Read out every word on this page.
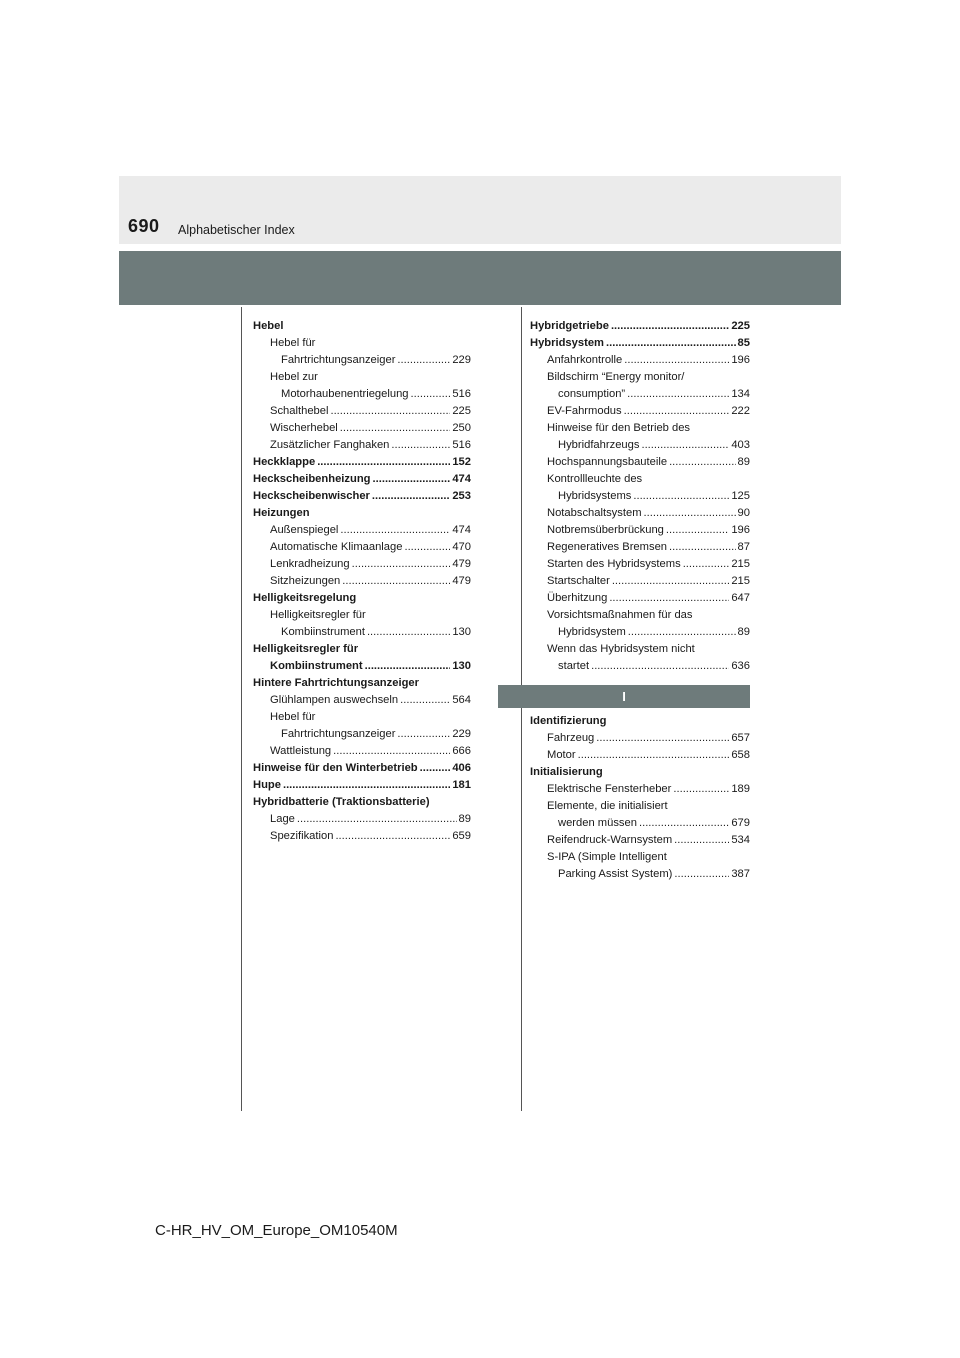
690 Alphabetischer Index
Hebel
Hebel für
Fahrtrichtungsanzeiger .....	229
Hebel zur
Motorhaubenentriegelung .....	516
Schalthebel .....	225
Wischerhebel .....	250
Zusätzlicher Fanghaken .....	516
Heckklappe .....	152
Heckscheibenheizung .....	474
Heckscheibenwischer .....	253
Heizungen
Außenspiegel .....	474
Automatische Klimaanlage .....	470
Lenkradheizung .....	479
Sitzheizungen .....	479
Helligkeitsregelung
Helligkeitsregler für
Kombiinstrument .....	130
Helligkeitsregler für
Kombiinstrument .....	130
Hintere Fahrtrichtungsanzeiger
Glühlampen auswechseln .....	564
Hebel für
Fahrtrichtungsanzeiger .....	229
Wattleistung .....	666
Hinweise für den Winterbetrieb .....	406
Hupe .....	181
Hybridbatterie (Traktionsbatterie)
Lage .....	89
Spezifikation .....	659
Hybridgetriebe .....	225
Hybridsystem .....	85
Anfahrkontrolle .....	196
Bildschirm “Energy monitor/
consumption” .....	134
EV-Fahrmodus .....	222
Hinweise für den Betrieb des
Hybridfahrzeugs .....	403
Hochspannungsbauteile .....	89
Kontrollleuchte des
Hybridsystems .....	125
Notabschaltsystem .....	90
Notbremsüberbrückung .....	196
Regeneratives Bremsen .....	87
Starten des Hybridsystems .....	215
Startschalter .....	215
Überhitzung .....	647
Vorsichtsmaßnahmen für das
Hybridsystem .....	89
Wenn das Hybridsystem nicht
startet .....	636
I
Identifizierung
Fahrzeug .....	657
Motor .....	658
Initialisierung
Elektrische Fensterheber .....	189
Elemente, die initialisiert
werden müssen .....	679
Reifendruck-Warnsystem .....	534
S-IPA (Simple Intelligent
Parking Assist System) .....	387
C-HR_HV_OM_Europe_OM10540M
